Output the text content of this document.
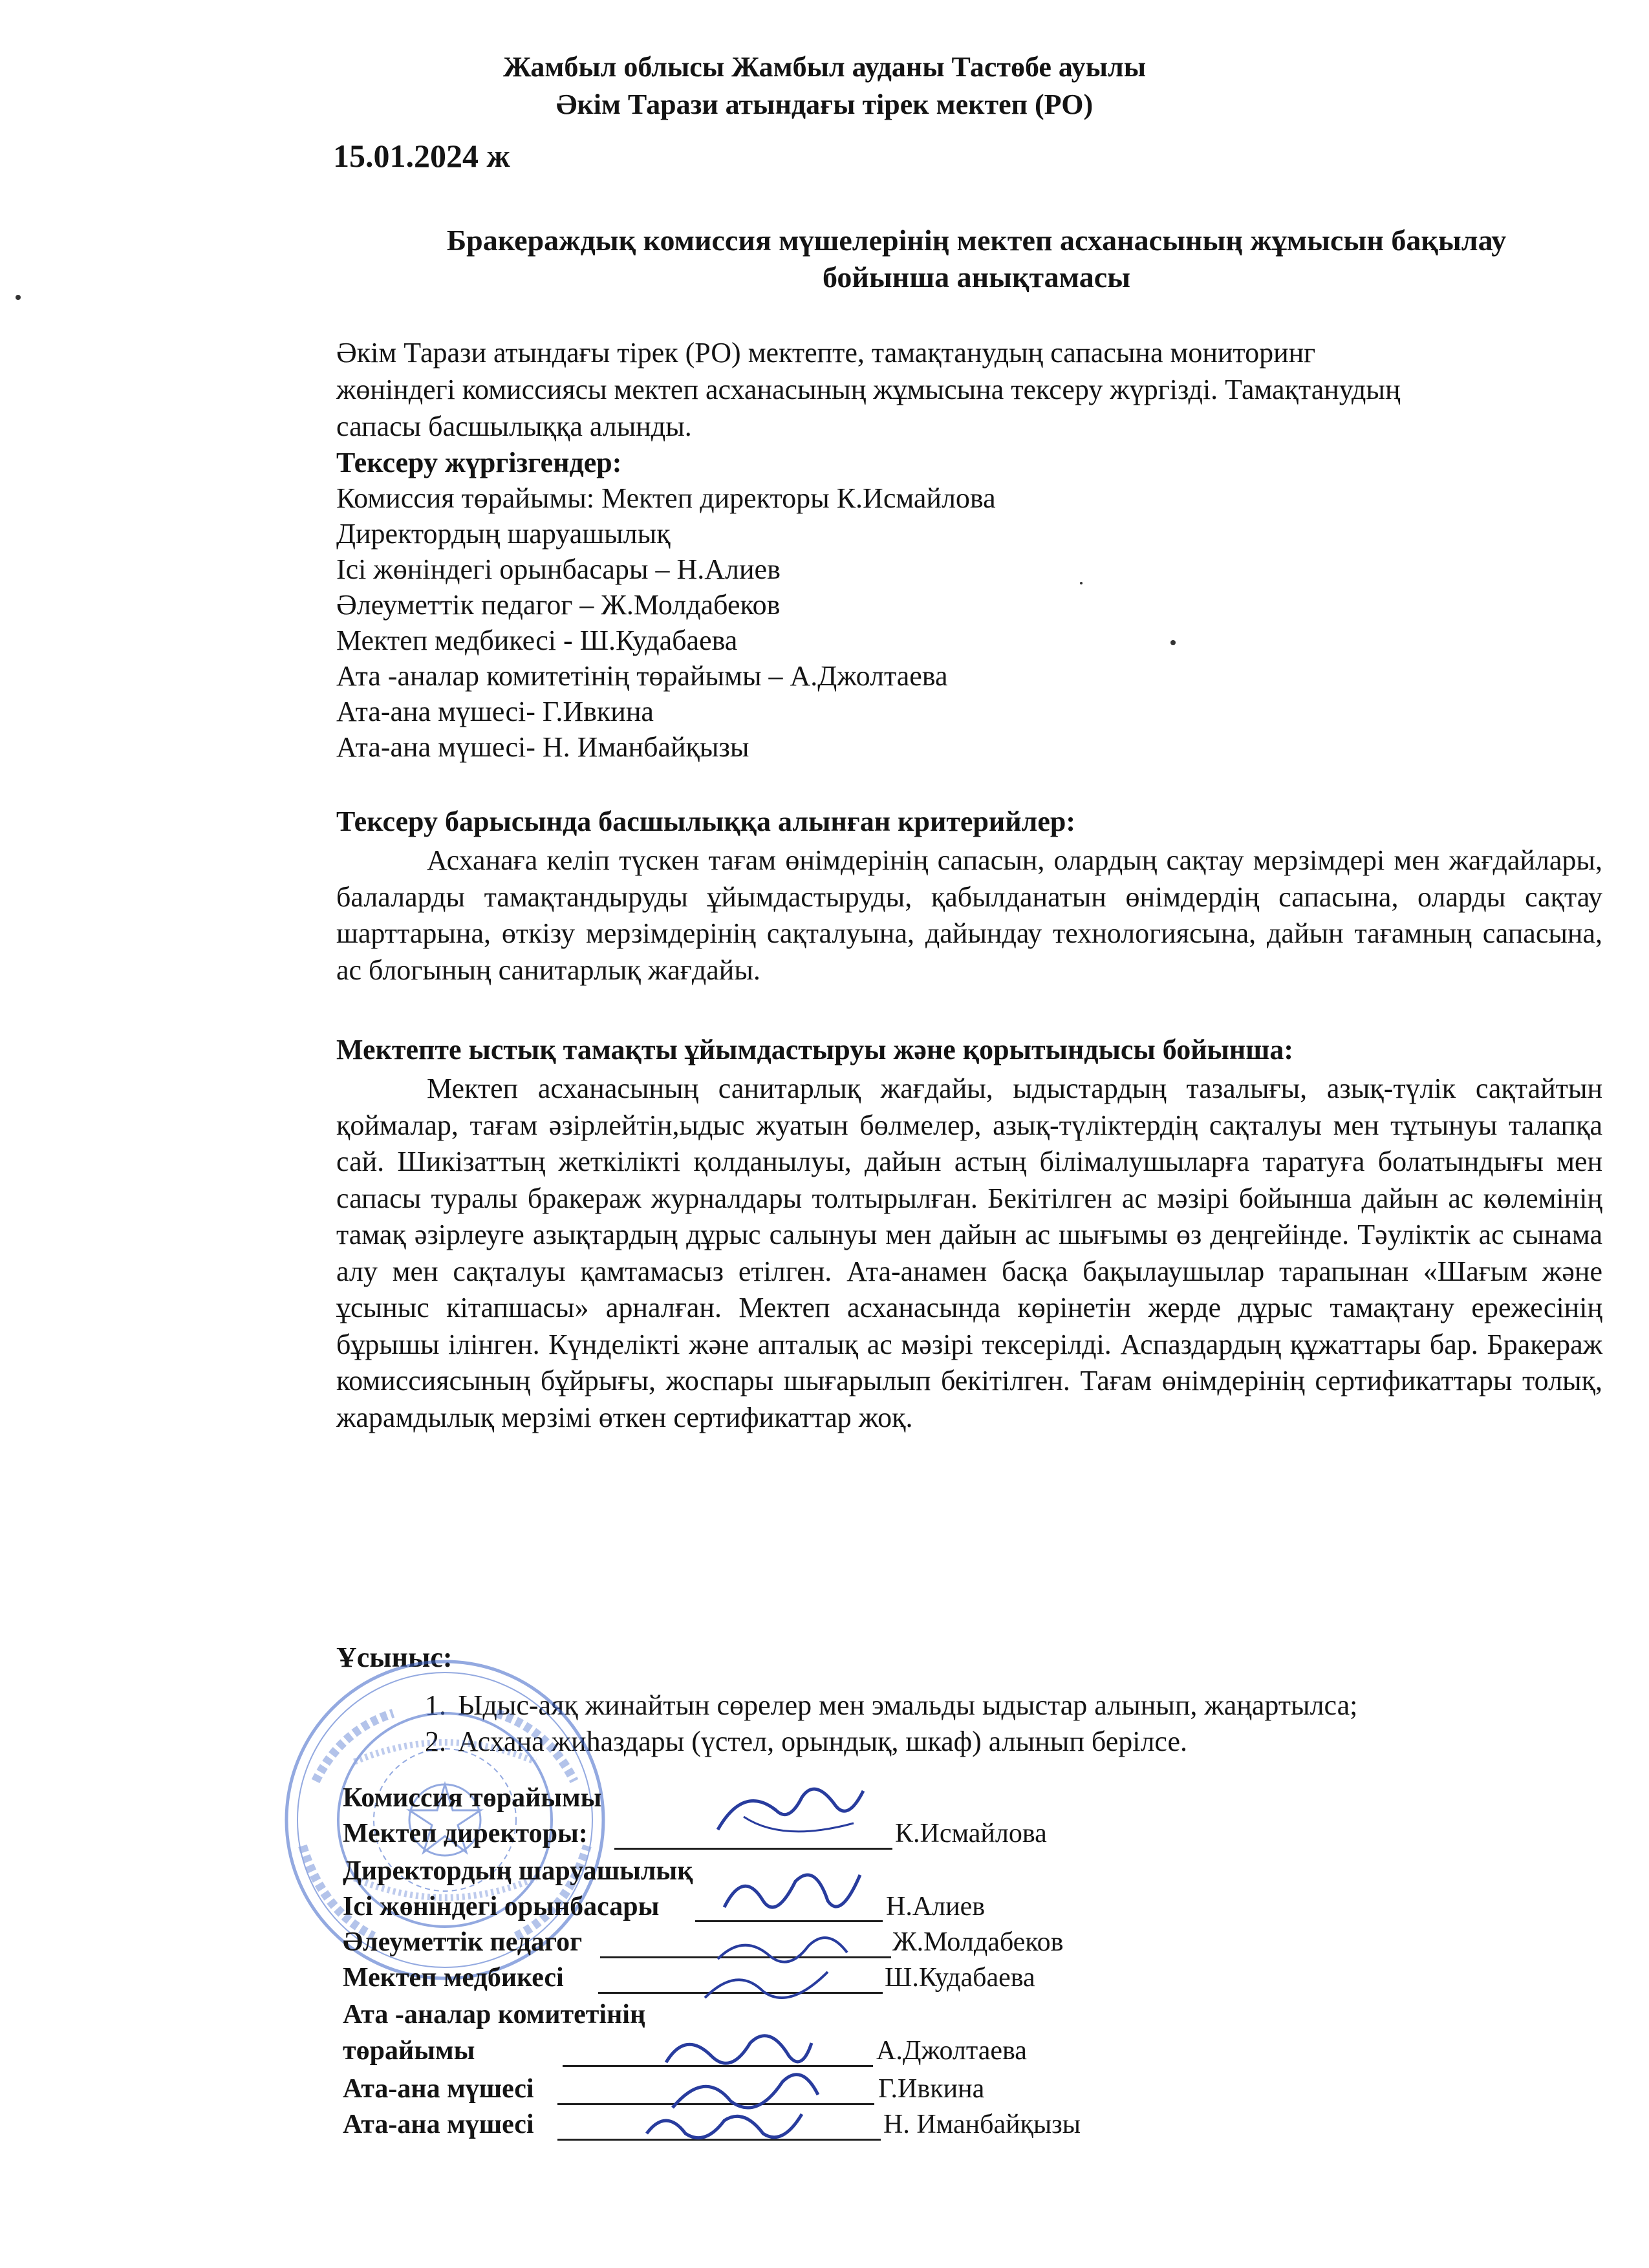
Жамбыл облысы Жамбыл ауданы Тастөбе ауылы
Әкім Тарази атындағы тірек мектеп (РО)
15.01.2024 ж
Бракераждық комиссия мүшелерінің мектеп асханасының жұмысын бақылау
бойынша анықтамасы
Әкім Тарази атындағы тірек (РО) мектепте, тамақтанудың сапасына мониторинг
жөніндегі комиссиясы мектеп асханасының жұмысына тексеру жүргізді. Тамақтанудың
сапасы басшылыққа алынды.
Тексеру жүргізгендер:
Комиссия төрайымы: Мектеп директоры К.Исмайлова
Директордың шаруашылық
Ісі жөніндегі орынбасары – Н.Алиев
Әлеуметтік педагог – Ж.Молдабеков
Мектеп медбикесі - Ш.Кудабаева
Ата -аналар комитетінің төрайымы – А.Джолтаева
Ата-ана мүшесі- Г.Ивкина
Ата-ана мүшесі- Н. Иманбайқызы
Тексеру барысында басшылыққа алынған критерийлер:
Асханаға келіп түскен тағам өнімдерінің сапасын, олардың сақтау мерзімдері мен жағдайлары, балаларды тамақтандыруды ұйымдастыруды, қабылданатын өнімдердің сапасына, оларды сақтау шарттарына, өткізу мерзімдерінің сақталуына, дайындау технологиясына, дайын тағамның сапасына, ас блогының санитарлық жағдайы.
Мектепте ыстық тамақты ұйымдастыруы және қорытындысы бойынша:
Мектеп асханасының санитарлық жағдайы, ыдыстардың тазалығы, азық-түлік сақтайтын қоймалар, тағам әзірлейтін,ыдыс жуатын бөлмелер, азық-түліктердің сақталуы мен тұтынуы талапқа сай. Шикізаттың жеткілікті қолданылуы, дайын астың білімалушыларға таратуға болатындығы мен сапасы туралы бракераж журналдары толтырылған. Бекітілген ас мәзірі бойынша дайын ас көлемінің тамақ әзірлеуге азықтардың дұрыс салынуы мен дайын ас шығымы өз деңгейінде. Тәуліктік ас сынама алу мен сақталуы қамтамасыз етілген. Ата-анамен басқа бақылаушылар тарапынан «Шағым және ұсыныс кітапшасы» арналған. Мектеп асханасында көрінетін жерде дұрыс тамақтану ережесінің бұрышы ілінген. Күнделікті және апталық ас мәзірі тексерілді. Аспаздардың құжаттары бар. Бракераж комиссиясының бұйрығы, жоспары шығарылып бекітілген. Тағам өнімдерінің сертификаттары толық, жарамдылық мерзімі өткен сертификаттар жоқ.
Ұсыныс:
1. Ыдыс-аяқ жинайтын сөрелер мен эмальды ыдыстар алынып, жаңартылса;
2. Асхана жиһаздары (үстел, орындық, шкаф) алынып берілсе.
Комиссия төрайымы
Мектеп директоры:	К.Исмайлова
Директордың шаруашылық
Ісі жөніндегі орынбасары	Н.Алиев
Әлеуметтік педагог	Ж.Молдабеков
Мектеп медбикесі	Ш.Кудабаева
Ата -аналар комитетінің
төрайымы	А.Джолтаева
Ата-ана мүшесі	Г.Ивкина
Ата-ана мүшесі	Н. Иманбайқызы
